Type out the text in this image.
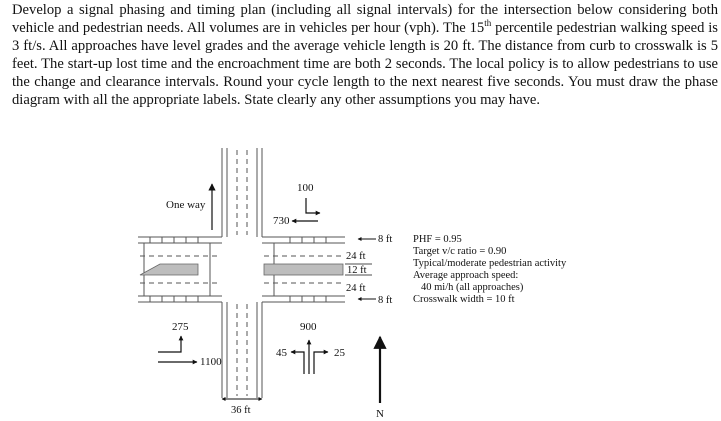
Develop a signal phasing and timing plan (including all signal intervals) for the intersection below considering both vehicle and pedestrian needs. All volumes are in vehicles per hour (vph). The 15th percentile pedestrian walking speed is 3 ft/s. All approaches have level grades and the average vehicle length is 20 ft. The distance from curb to crosswalk is 5 feet. The start-up lost time and the encroachment time are both 2 seconds. The local policy is to allow pedestrians to use the change and clearance intervals. Round your cycle length to the next nearest five seconds. You must draw the phase diagram with all the appropriate labels. State clearly any other assumptions you may have.

One way
100
730
275
1100
900
45	25
8 ft
24 ft
12 ft
24 ft
8 ft
36 ft	N
PHF = 0.95
Target v/c ratio = 0.90
Typical/moderate pedestrian activity
Average approach speed:
40 mi/h (all approaches)
Crosswalk width = 10 ft
